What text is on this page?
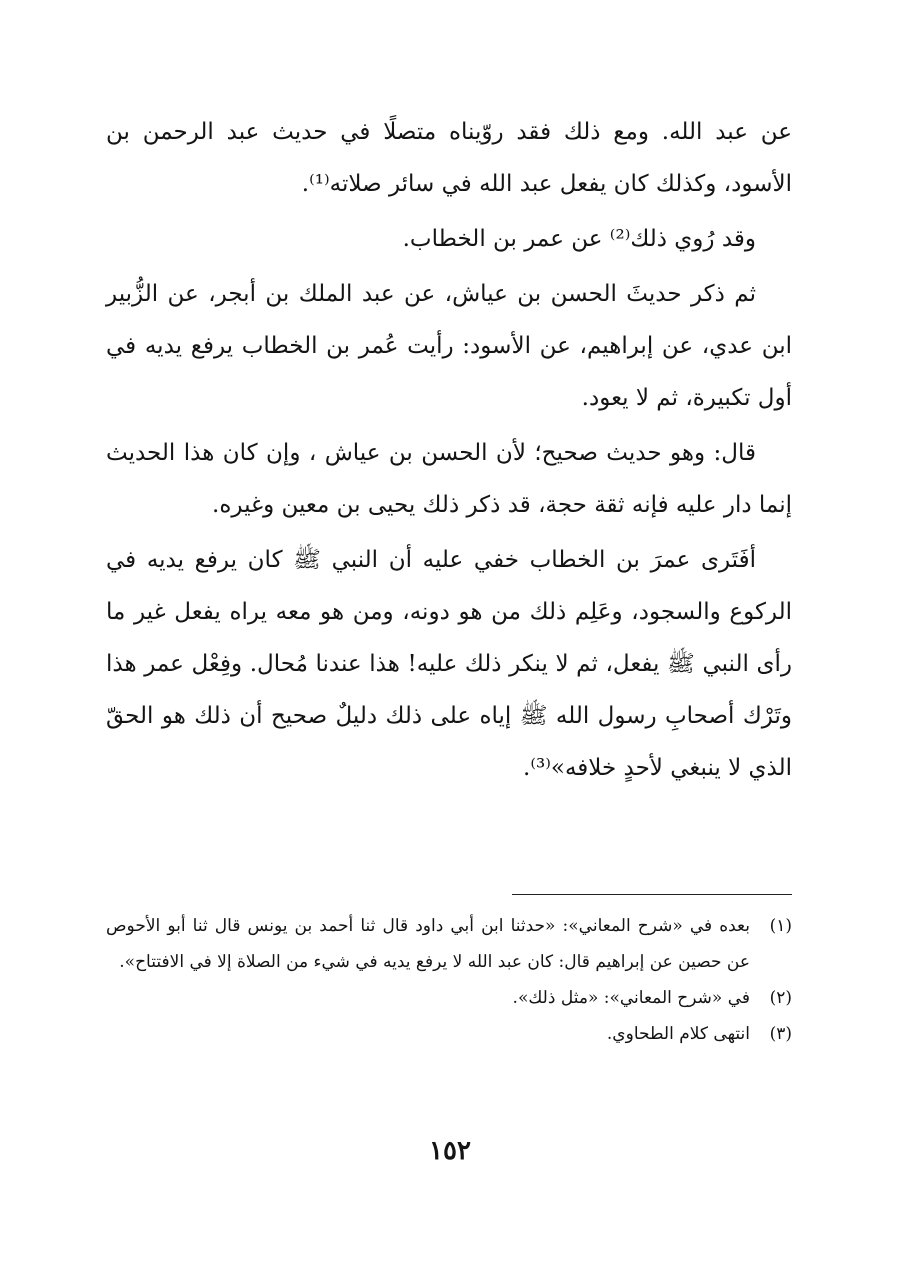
عن عبد الله. ومع ذلك فقد روّيناه متصلًا في حديث عبد الرحمن بن الأسود، وكذلك كان يفعل عبد الله في سائر صلاته⁽¹⁾.

وقد رُوي ذلك⁽²⁾ عن عمر بن الخطاب.

ثم ذكر حديثَ الحسن بن عياش، عن عبد الملك بن أبجر، عن الزُّبير ابن عدي، عن إبراهيم، عن الأسود: رأيت عُمر بن الخطاب يرفع يديه في أول تكبيرة، ثم لا يعود.

قال: وهو حديث صحيح؛ لأن الحسن بن عياش ، وإن كان هذا الحديث إنما دار عليه فإنه ثقة حجة، قد ذكر ذلك يحيى بن معين وغيره.

أفَتَرى عمرَ بن الخطاب خفي عليه أن النبي ﷺ كان يرفع يديه في الركوع والسجود، وعَلِم ذلك من هو دونه، ومن هو معه يراه يفعل غير ما رأى النبي ﷺ يفعل، ثم لا ينكر ذلك عليه! هذا عندنا مُحال. وفِعْل عمر هذا وتَرْك أصحابِ رسول الله ﷺ إياه على ذلك دليلٌ صحيح أن ذلك هو الحقّ الذي لا ينبغي لأحدٍ خلافه»⁽³⁾.

(١)
بعده في «شرح المعاني»: «حدثنا ابن أبي داود قال ثنا أحمد بن يونس قال ثنا أبو الأحوص عن حصين عن إبراهيم قال: كان عبد الله لا يرفع يديه في شيء من الصلاة إلا في الافتتاح».
(٢)
في «شرح المعاني»: «مثل ذلك».
(٣)
انتهى كلام الطحاوي.
١٥٢
